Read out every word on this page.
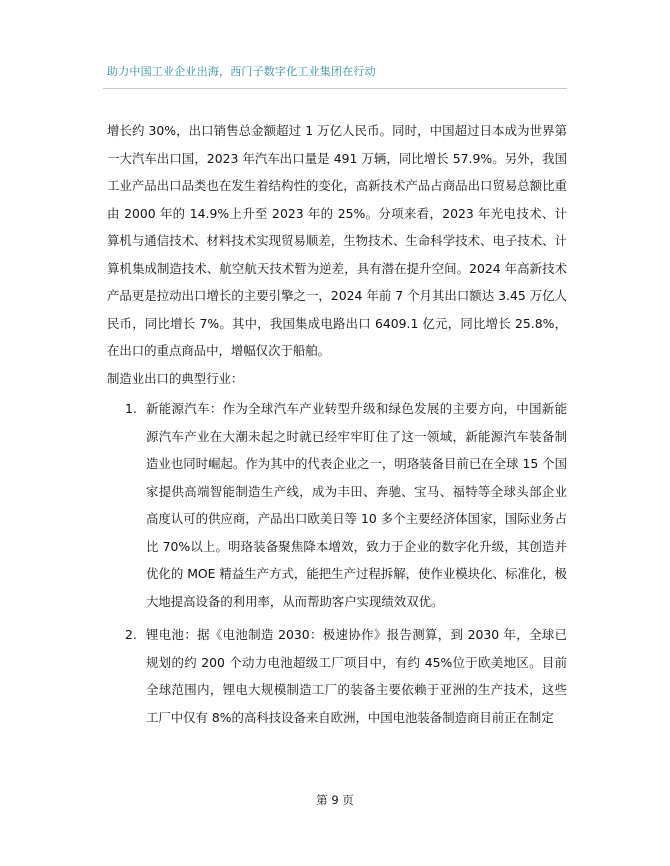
助力中国工业企业出海，西门子数字化工业集团在行动

增长约 30%，出口销售总金额超过 1 万亿人民币。同时，中国超过日本成为世界第一大汽车出口国，2023 年汽车出口量是 491 万辆，同比增长 57.9%。另外，我国工业产品出口品类也在发生着结构性的变化，高新技术产品占商品出口贸易总额比重由 2000 年的 14.9%上升至 2023 年的 25%。分项来看，2023 年光电技术、计算机与通信技术、材料技术实现贸易顺差，生物技术、生命科学技术、电子技术、计算机集成制造技术、航空航天技术暂为逆差，具有潜在提升空间。2024 年高新技术产品更是拉动出口增长的主要引擎之一，2024 年前 7 个月其出口额达 3.45 万亿人民币，同比增长 7%。其中，我国集成电路出口 6409.1 亿元，同比增长 25.8%，在出口的重点商品中，增幅仅次于船舶。

制造业出口的典型行业：

1. 新能源汽车：作为全球汽车产业转型升级和绿色发展的主要方向，中国新能源汽车产业在大潮未起之时就已经牢牢盯住了这一领域，新能源汽车装备制造业也同时崛起。作为其中的代表企业之一，明珞装备目前已在全球 15 个国家提供高端智能制造生产线，成为丰田、奔驰、宝马、福特等全球头部企业高度认可的供应商，产品出口欧美日等 10 多个主要经济体国家，国际业务占比 70%以上。明珞装备聚焦降本增效，致力于企业的数字化升级，其创造并优化的 MOE 精益生产方式，能把生产过程拆解，使作业模块化、标准化，极大地提高设备的利用率，从而帮助客户实现绩效双优。
2. 锂电池：据《电池制造 2030：极速协作》报告测算，到 2030 年，全球已规划的约 200 个动力电池超级工厂项目中，有约 45%位于欧美地区。目前全球范围内，锂电大规模制造工厂的装备主要依赖于亚洲的生产技术，这些工厂中仅有 8%的高科技设备来自欧洲，中国电池装备制造商目前正在制定
第 9 页
